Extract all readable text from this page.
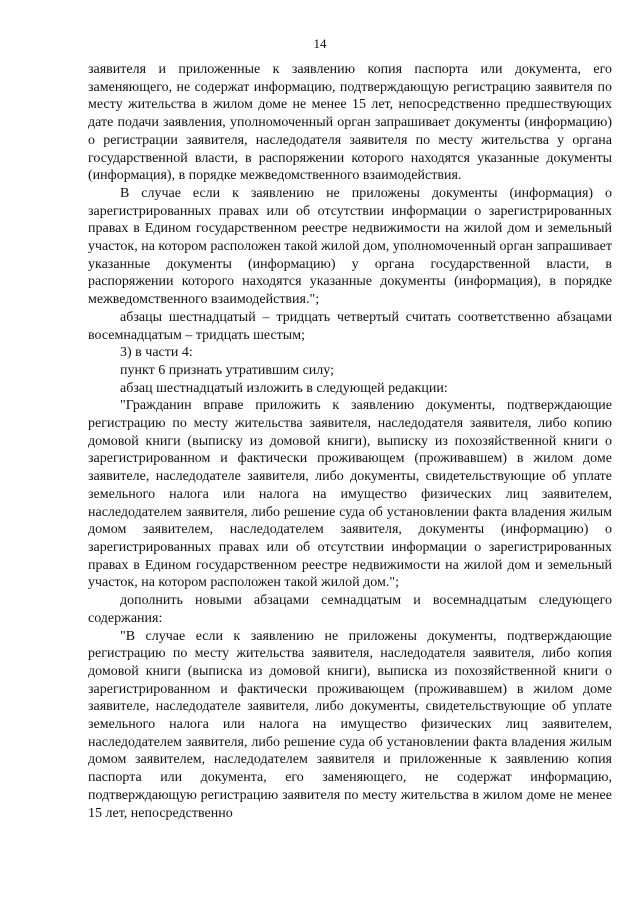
14

заявителя и приложенные к заявлению копия паспорта или документа, его заменяющего, не содержат информацию, подтверждающую регистрацию заявителя по месту жительства в жилом доме не менее 15 лет, непосредственно предшествующих дате подачи заявления, уполномоченный орган запрашивает документы (информацию) о регистрации заявителя, наследодателя заявителя по месту жительства у органа государственной власти, в распоряжении которого находятся указанные документы (информация), в порядке межведомственного взаимодействия.

В случае если к заявлению не приложены документы (информация) о зарегистрированных правах или об отсутствии информации о зарегистрированных правах в Едином государственном реестре недвижимости на жилой дом и земельный участок, на котором расположен такой жилой дом, уполномоченный орган запрашивает указанные документы (информацию) у органа государственной власти, в распоряжении которого находятся указанные документы (информация), в порядке межведомственного взаимодействия.";

абзацы шестнадцатый – тридцать четвертый считать соответственно абзацами восемнадцатым – тридцать шестым;

3) в части 4:

пункт 6 признать утратившим силу;

абзац шестнадцатый изложить в следующей редакции:

"Гражданин вправе приложить к заявлению документы, подтверждающие регистрацию по месту жительства заявителя, наследодателя заявителя, либо копию домовой книги (выписку из домовой книги), выписку из похозяйственной книги о зарегистрированном и фактически проживающем (проживавшем) в жилом доме заявителе, наследодателе заявителя, либо документы, свидетельствующие об уплате земельного налога или налога на имущество физических лиц заявителем, наследодателем заявителя, либо решение суда об установлении факта владения жилым домом заявителем, наследодателем заявителя, документы (информацию) о зарегистрированных правах или об отсутствии информации о зарегистрированных правах в Едином государственном реестре недвижимости на жилой дом и земельный участок, на котором расположен такой жилой дом.";

дополнить новыми абзацами семнадцатым и восемнадцатым следующего содержания:

"В случае если к заявлению не приложены документы, подтверждающие регистрацию по месту жительства заявителя, наследодателя заявителя, либо копия домовой книги (выписка из домовой книги), выписка из похозяйственной книги о зарегистрированном и фактически проживающем (проживавшем) в жилом доме заявителе, наследодателе заявителя, либо документы, свидетельствующие об уплате земельного налога или налога на имущество физических лиц заявителем, наследодателем заявителя, либо решение суда об установлении факта владения жилым домом заявителем, наследодателем заявителя и приложенные к заявлению копия паспорта или документа, его заменяющего, не содержат информацию, подтверждающую регистрацию заявителя по месту жительства в жилом доме не менее 15 лет, непосредственно
